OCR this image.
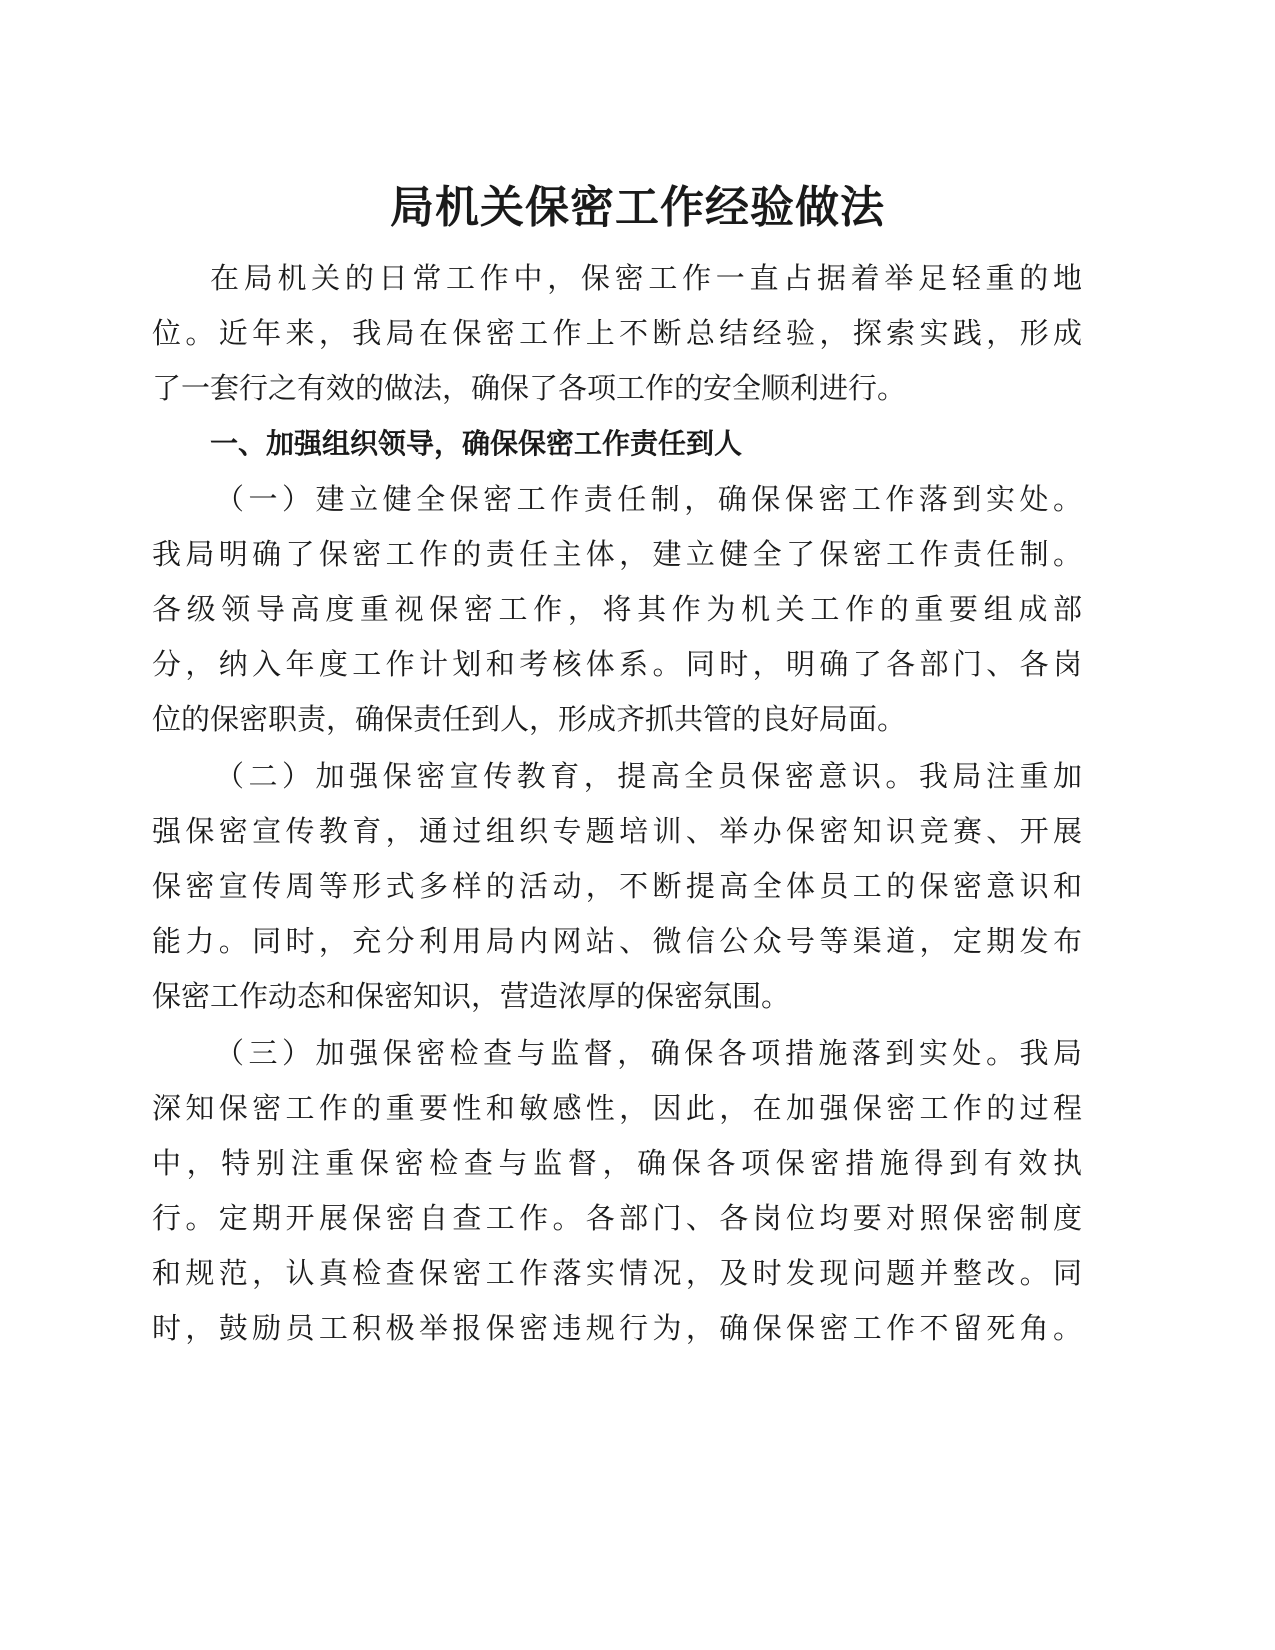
局机关保密工作经验做法

在局机关的日常工作中，保密工作一直占据着举足轻重的地

位。近年来，我局在保密工作上不断总结经验，探索实践，形成

了一套行之有效的做法，确保了各项工作的安全顺利进行。

一、加强组织领导，确保保密工作责任到人

（一）建立健全保密工作责任制，确保保密工作落到实处。

我局明确了保密工作的责任主体，建立健全了保密工作责任制。

各级领导高度重视保密工作，将其作为机关工作的重要组成部

分，纳入年度工作计划和考核体系。同时，明确了各部门、各岗

位的保密职责，确保责任到人，形成齐抓共管的良好局面。

（二）加强保密宣传教育，提高全员保密意识。我局注重加

强保密宣传教育，通过组织专题培训、举办保密知识竞赛、开展

保密宣传周等形式多样的活动，不断提高全体员工的保密意识和

能力。同时，充分利用局内网站、微信公众号等渠道，定期发布

保密工作动态和保密知识，营造浓厚的保密氛围。

（三）加强保密检查与监督，确保各项措施落到实处。我局

深知保密工作的重要性和敏感性，因此，在加强保密工作的过程

中，特别注重保密检查与监督，确保各项保密措施得到有效执

行。定期开展保密自查工作。各部门、各岗位均要对照保密制度

和规范，认真检查保密工作落实情况，及时发现问题并整改。同

时，鼓励员工积极举报保密违规行为，确保保密工作不留死角。
